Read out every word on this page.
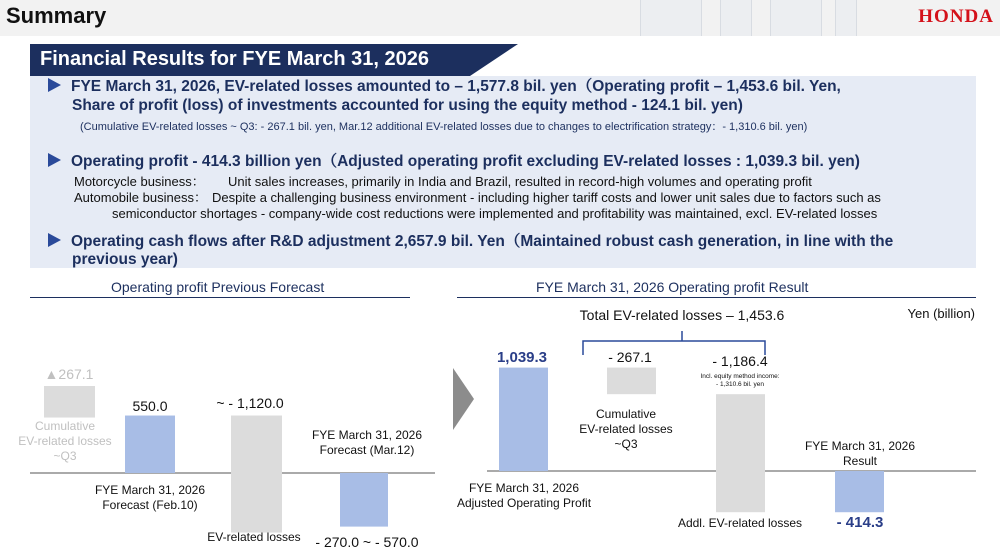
Summary	HONDA
Financial Results for FYE March 31, 2026
FYE March 31, 2026, EV-related losses amounted to – 1,577.8 bil. yen（Operating profit – 1,453.6 bil. Yen,
Share of profit (loss) of investments accounted for using the equity method - 124.1 bil. yen)
(Cumulative EV-related losses ~ Q3: - 267.1 bil. yen, Mar.12 additional EV-related losses due to changes to electrification strategy：- 1,310.6 bil. yen)
Operating profit - 414.3 billion yen（Adjusted operating profit excluding EV-related losses : 1,039.3 bil. yen)
Motorcycle business： Unit sales increases, primarily in India and Brazil, resulted in record-high volumes and operating profit
Automobile business： Despite a challenging business environment - including higher tariff costs and lower unit sales due to factors such as
semiconductor shortages - company-wide cost reductions were implemented and profitability was maintained, excl. EV-related losses
Operating cash flows after R&D adjustment 2,657.9 bil. Yen（Maintained robust cash generation, in line with the
previous year)
Operating profit Previous Forecast	FYE March 31, 2026 Operating profit Result
▲267.1
Cumulative
EV-related losses
~Q3
550.0
FYE March 31, 2026
Forecast (Feb.10)
~ - 1,120.0
EV-related losses
FYE March 31, 2026
Forecast (Mar.12)
- 270.0 ~ - 570.0
Total EV-related losses – 1,453.6	Yen (billion)
1,039.3
FYE March 31, 2026
Adjusted Operating Profit
- 267.1
Cumulative
EV-related losses
~Q3
- 1,186.4
Incl. equity method income:
- 1,310.6 bil. yen
Addl. EV-related losses
FYE March 31, 2026
Result
- 414.3
